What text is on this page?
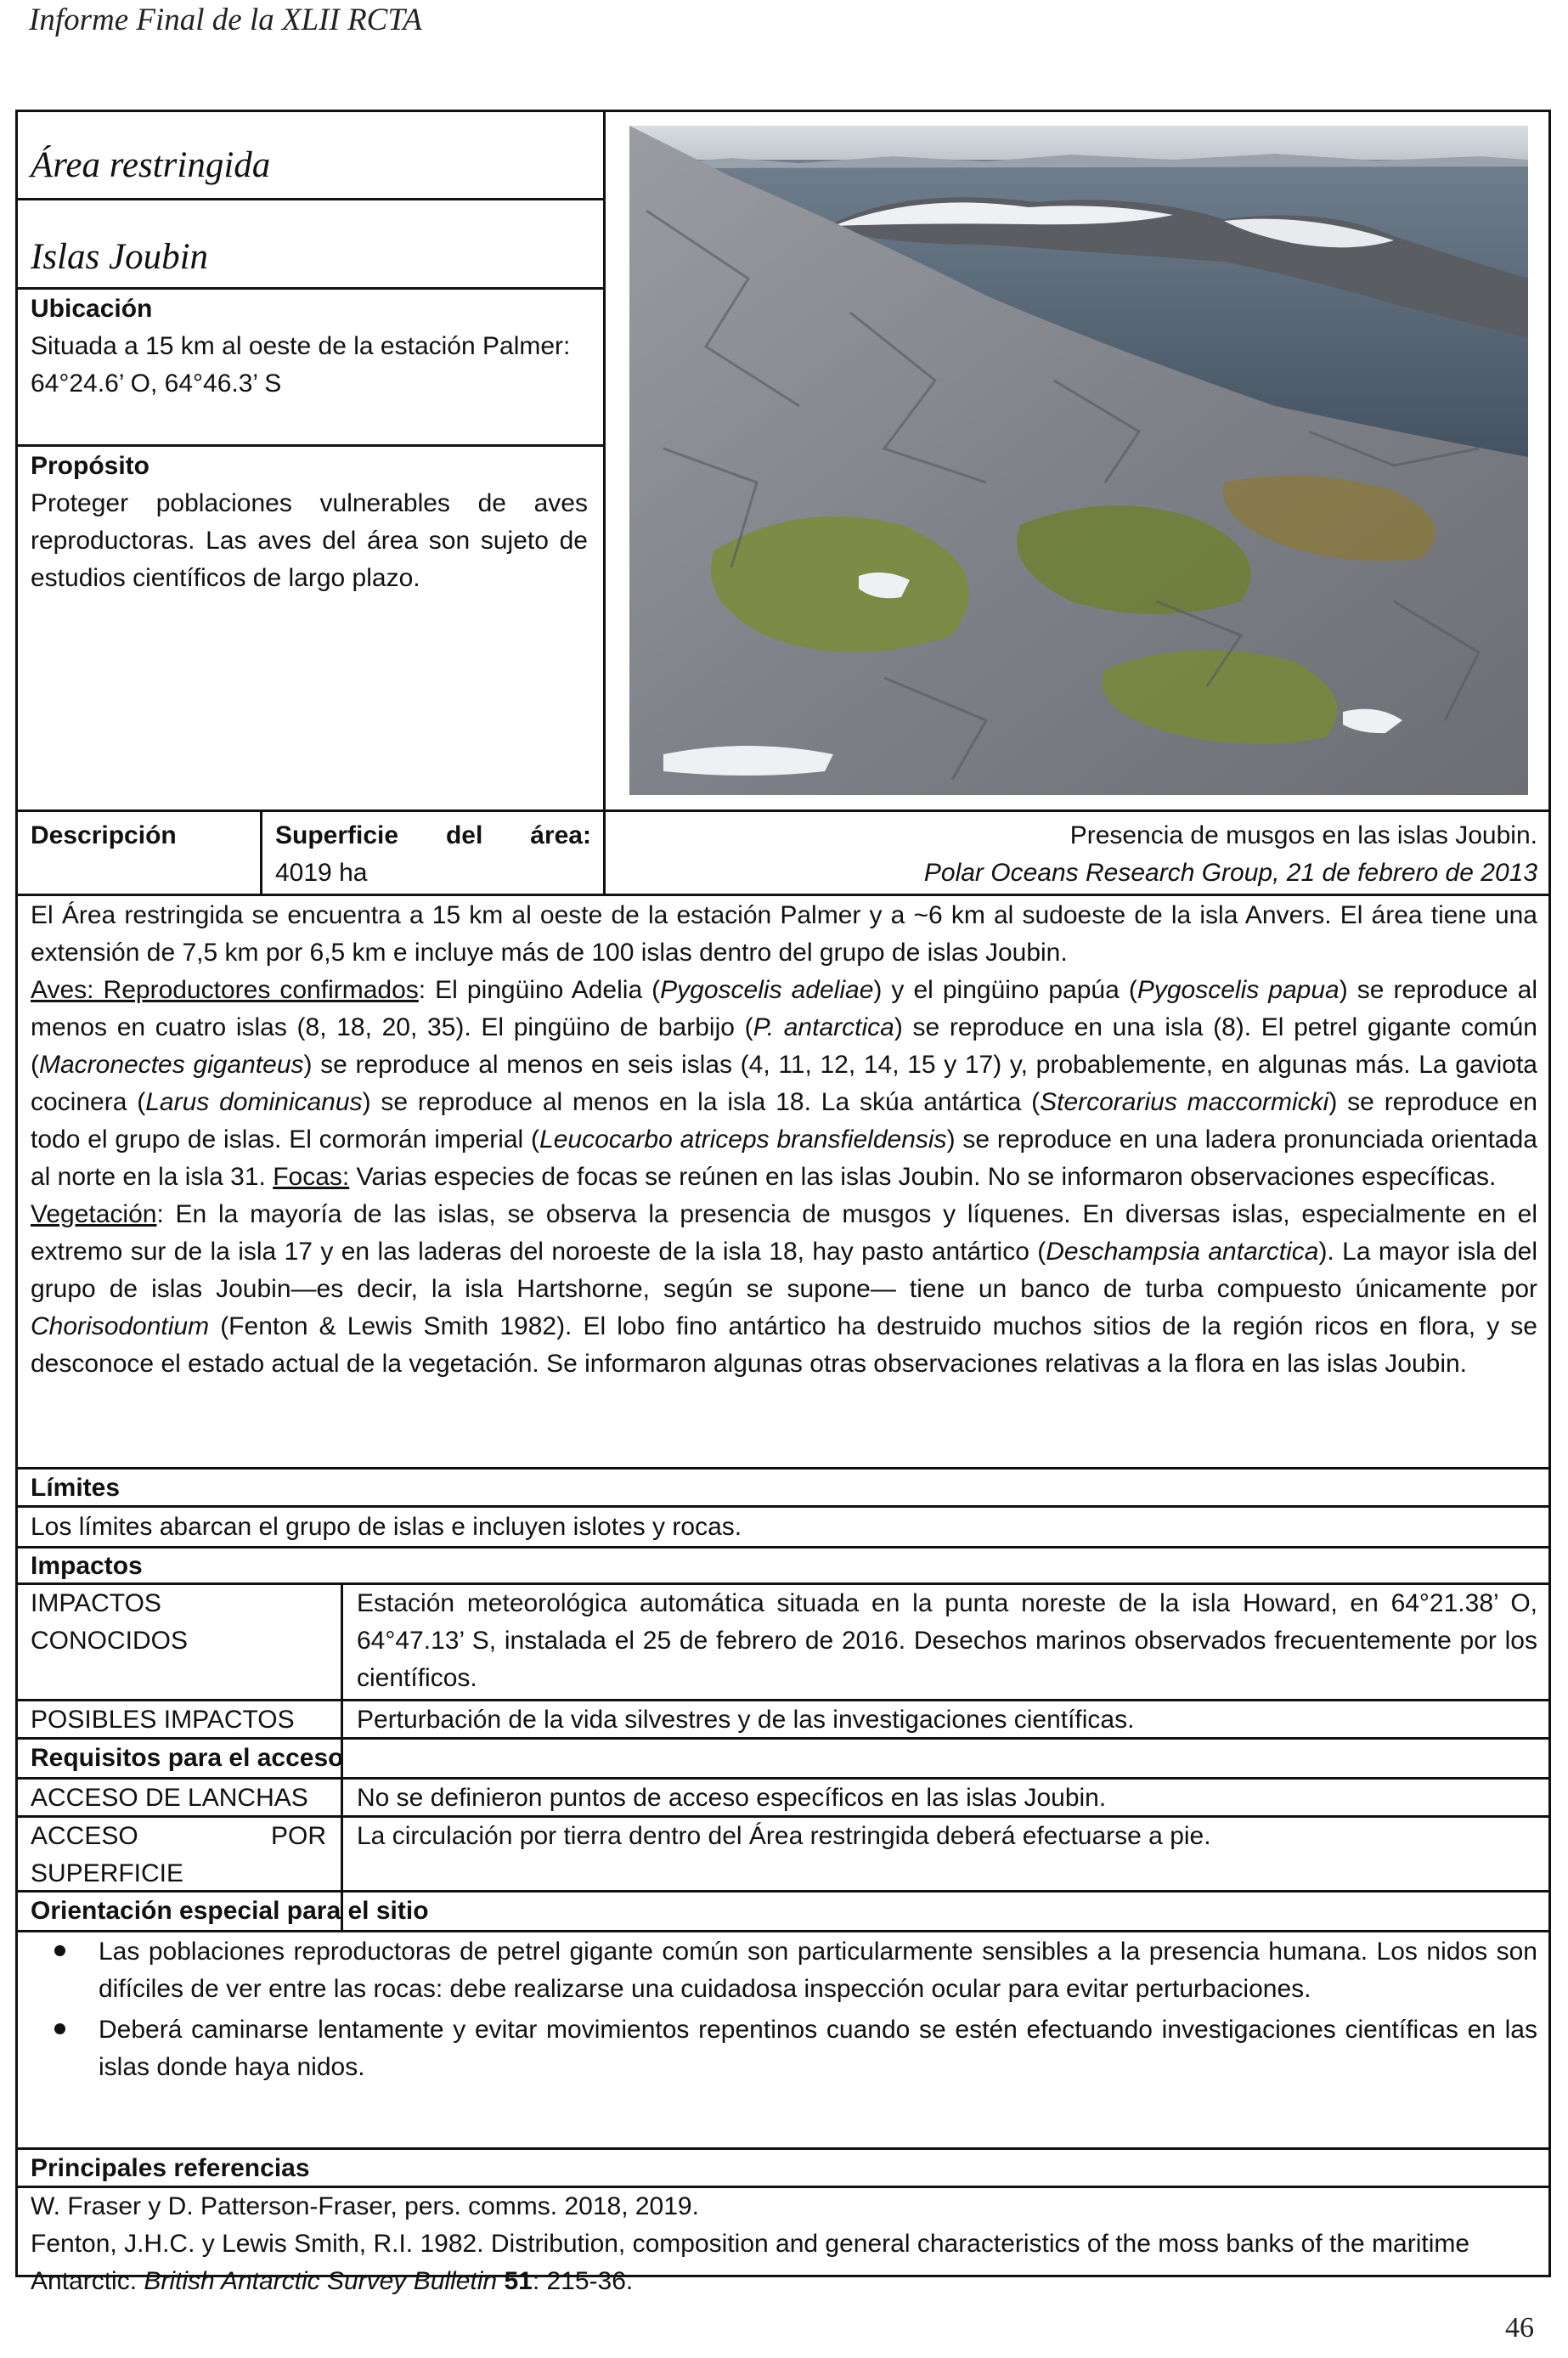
Informe Final de la XLII RCTA
Área restringida
Islas Joubin
Ubicación
Situada a 15 km al oeste de la estación Palmer:
64°24.6’ O, 64°46.3’ S
Propósito
Proteger poblaciones vulnerables de aves reproductoras. Las aves del área son sujeto de estudios científicos de largo plazo.
Descripción	Superficie del área:
4019 ha
Presencia de musgos en las islas Joubin.
Polar Oceans Research Group, 21 de febrero de 2013
El Área restringida se encuentra a 15 km al oeste de la estación Palmer y a ~6 km al sudoeste de la isla Anvers. El área tiene una extensión de 7,5 km por 6,5 km e incluye más de 100 islas dentro del grupo de islas Joubin.
Aves: Reproductores confirmados: El pingüino Adelia (Pygoscelis adeliae) y el pingüino papúa (Pygoscelis papua) se reproduce al menos en cuatro islas (8, 18, 20, 35). El pingüino de barbijo (P. antarctica) se reproduce en una isla (8). El petrel gigante común (Macronectes giganteus) se reproduce al menos en seis islas (4, 11, 12, 14, 15 y 17) y, probablemente, en algunas más. La gaviota cocinera (Larus dominicanus) se reproduce al menos en la isla 18. La skúa antártica (Stercorarius maccormicki) se reproduce en todo el grupo de islas. El cormorán imperial (Leucocarbo atriceps bransfieldensis) se reproduce en una ladera pronunciada orientada al norte en la isla 31. Focas: Varias especies de focas se reúnen en las islas Joubin. No se informaron observaciones específicas.
Vegetación: En la mayoría de las islas, se observa la presencia de musgos y líquenes. En diversas islas, especialmente en el extremo sur de la isla 17 y en las laderas del noroeste de la isla 18, hay pasto antártico (Deschampsia antarctica). La mayor isla del grupo de islas Joubin—es decir, la isla Hartshorne, según se supone— tiene un banco de turba compuesto únicamente por Chorisodontium (Fenton & Lewis Smith 1982). El lobo fino antártico ha destruido muchos sitios de la región ricos en flora, y se desconoce el estado actual de la vegetación. Se informaron algunas otras observaciones relativas a la flora en las islas Joubin.
Límites
Los límites abarcan el grupo de islas e incluyen islotes y rocas.
Impactos
IMPACTOS
CONOCIDOS
Estación meteorológica automática situada en la punta noreste de la isla Howard, en 64°21.38’ O, 64°47.13’ S, instalada el 25 de febrero de 2016. Desechos marinos observados frecuentemente por los científicos.
POSIBLES IMPACTOS Perturbación de la vida silvestres y de las investigaciones científicas.
Requisitos para el acceso
ACCESO DE LANCHAS No se definieron puntos de acceso específicos en las islas Joubin.
ACCESO POR
SUPERFICIE
La circulación por tierra dentro del Área restringida deberá efectuarse a pie.
Orientación especial para el sitio
Las poblaciones reproductoras de petrel gigante común son particularmente sensibles a la presencia humana. Los nidos son difíciles de ver entre las rocas: debe realizarse una cuidadosa inspección ocular para evitar perturbaciones.
Deberá caminarse lentamente y evitar movimientos repentinos cuando se estén efectuando investigaciones científicas en las islas donde haya nidos.
Principales referencias
W. Fraser y D. Patterson-Fraser, pers. comms. 2018, 2019.
Fenton, J.H.C. y Lewis Smith, R.I. 1982. Distribution, composition and general characteristics of the moss banks of the maritime Antarctic. British Antarctic Survey Bulletin 51: 215-36.
46
